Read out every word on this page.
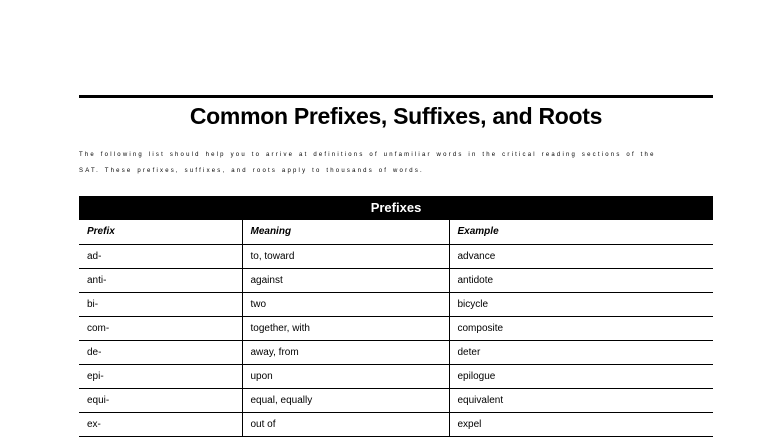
Common Prefixes, Suffixes, and Roots
The following list should help you to arrive at definitions of unfamiliar words in the critical reading sections of the
SAT. These prefixes, suffixes, and roots apply to thousands of words.
Prefixes
Prefix	Meaning	Example
ad-	to, toward	advance
anti-	against	antidote
bi-	two	bicycle
com-	together, with	composite
de-	away, from	deter
epi-	upon	epilogue
equi-	equal, equally	equivalent
ex-	out of	expel
